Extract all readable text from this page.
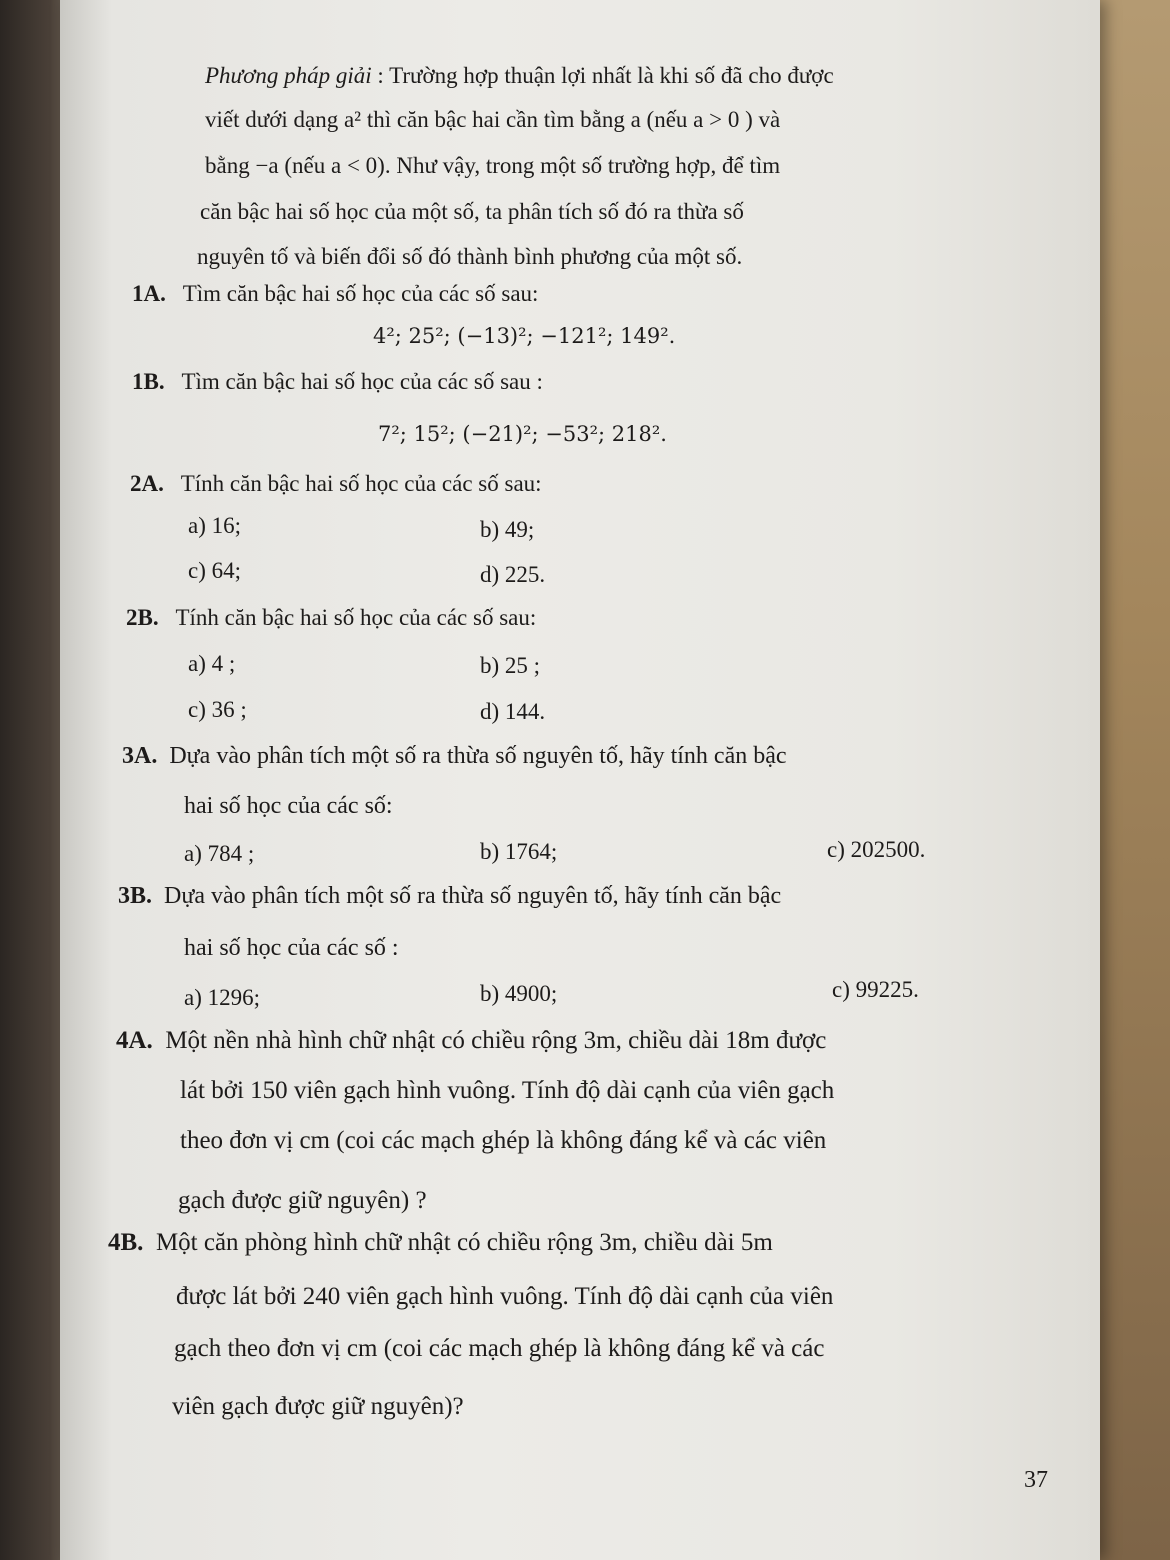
Phương pháp giải : Trường hợp thuận lợi nhất là khi số đã cho được
viết dưới dạng a² thì căn bậc hai cần tìm bằng a (nếu a > 0 ) và
bằng −a (nếu a < 0). Như vậy, trong một số trường hợp, để tìm
căn bậc hai số học của một số, ta phân tích số đó ra thừa số
nguyên tố và biến đổi số đó thành bình phương của một số.
1A. Tìm căn bậc hai số học của các số sau:
4²; 25²; (−13)²; −121²; 149².
1B. Tìm căn bậc hai số học của các số sau :
7²; 15²; (−21)²; −53²; 218².
2A. Tính căn bậc hai số học của các số sau:
a) 16;	b) 49;
c) 64;	d) 225.
2B. Tính căn bậc hai số học của các số sau:
a) 4 ;	b) 25 ;
c) 36 ;	d) 144.
3A. Dựa vào phân tích một số ra thừa số nguyên tố, hãy tính căn bậc
hai số học của các số:
a) 784 ;	b) 1764;	c) 202500.
3B. Dựa vào phân tích một số ra thừa số nguyên tố, hãy tính căn bậc
hai số học của các số :
a) 1296;	b) 4900;	c) 99225.
4A. Một nền nhà hình chữ nhật có chiều rộng 3m, chiều dài 18m được
lát bởi 150 viên gạch hình vuông. Tính độ dài cạnh của viên gạch
theo đơn vị cm (coi các mạch ghép là không đáng kể và các viên
gạch được giữ nguyên) ?
4B. Một căn phòng hình chữ nhật có chiều rộng 3m, chiều dài 5m
được lát bởi 240 viên gạch hình vuông. Tính độ dài cạnh của viên
gạch theo đơn vị cm (coi các mạch ghép là không đáng kể và các
viên gạch được giữ nguyên)?
37
